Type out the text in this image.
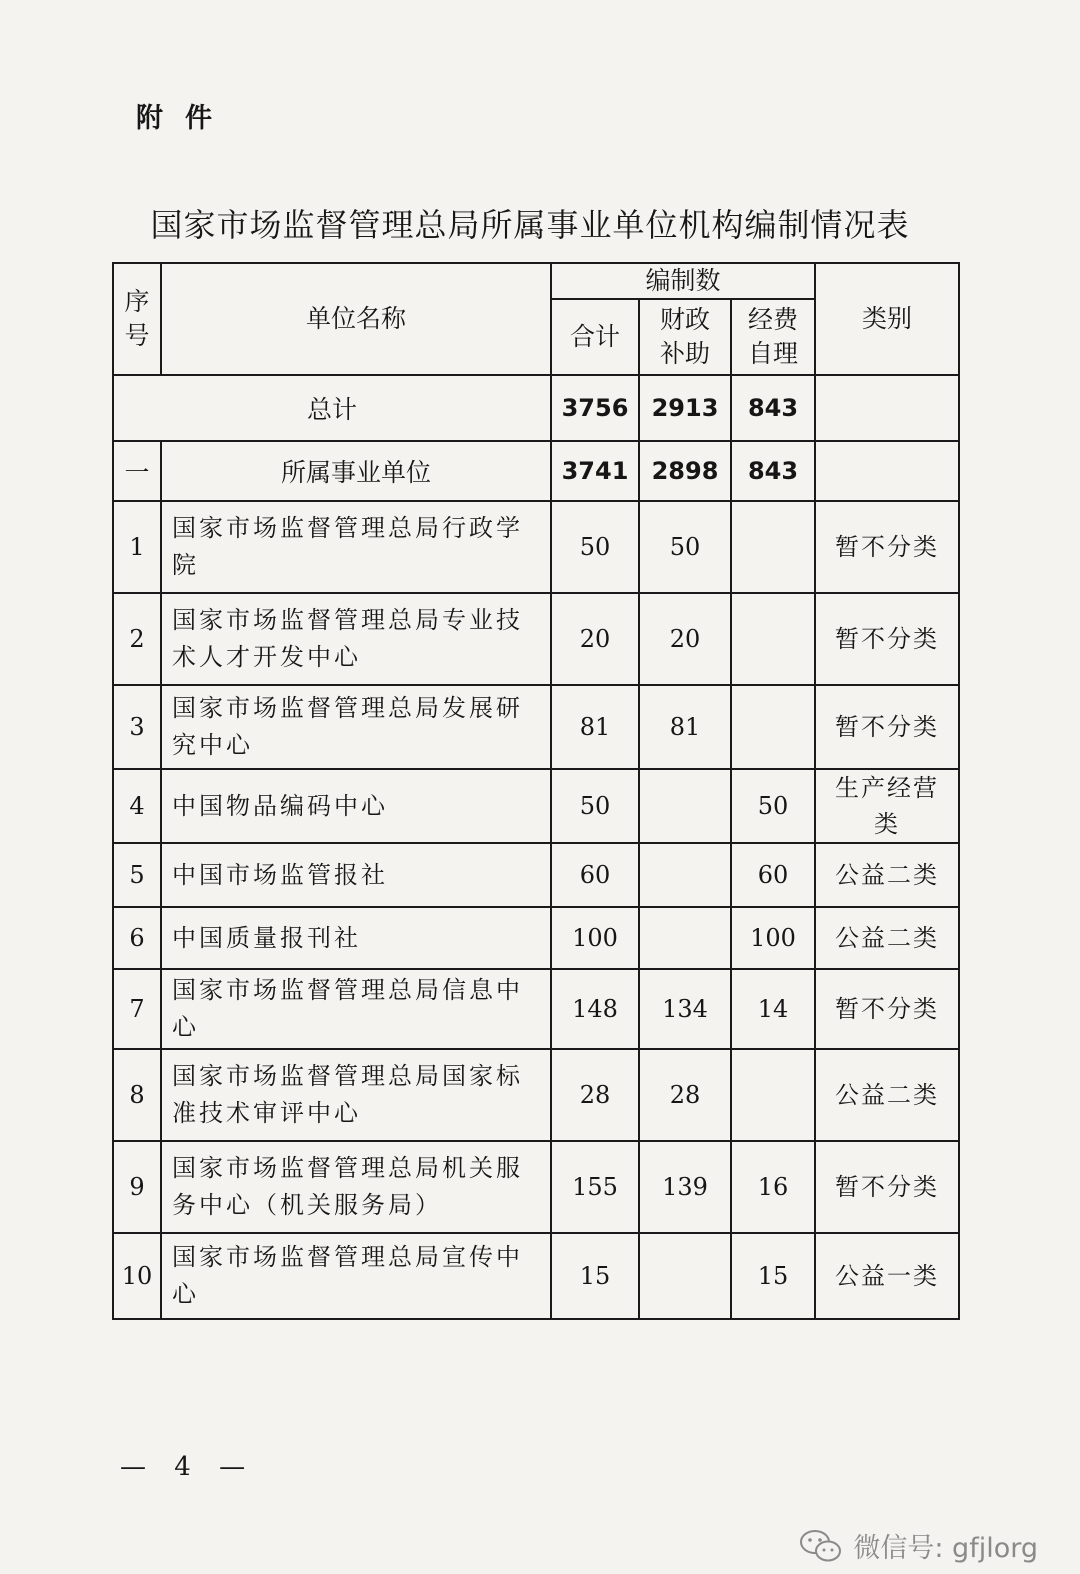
附件
国家市场监督管理总局所属事业单位机构编制情况表
序号	单位名称	编制数			类别
		合计	财政补助	经费自理	
总计		3756	2913	843	
一	所属事业单位	3741	2898	843	
1	国家市场监督管理总局行政学院	50	50		暂不分类
2	国家市场监督管理总局专业技术人才开发中心	20	20		暂不分类
3	国家市场监督管理总局发展研究中心	81	81		暂不分类
4	中国物品编码中心	50		50	生产经营类
5	中国市场监管报社	60		60	公益二类
6	中国质量报刊社	100		100	公益二类
7	国家市场监督管理总局信息中心	148	134	14	暂不分类
8	国家市场监督管理总局国家标准技术审评中心	28	28		公益二类
9	国家市场监督管理总局机关服务中心（机关服务局）	155	139	16	暂不分类
10	国家市场监督管理总局宣传中心	15		15	公益一类
— 4 —
微信号: gfjlorg
